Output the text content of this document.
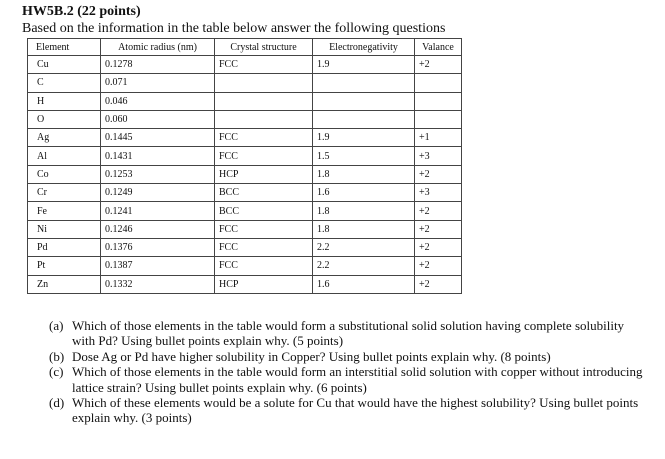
HW5B.2 (22 points)
Based on the information in the table below answer the following questions
Element	Atomic radius (nm)	Crystal structure	Electronegativity	Valance
Cu	0.1278	FCC	1.9	+2
C	0.071			
H	0.046			
O	0.060			
Ag	0.1445	FCC	1.9	+1
Al	0.1431	FCC	1.5	+3
Co	0.1253	HCP	1.8	+2
Cr	0.1249	BCC	1.6	+3
Fe	0.1241	BCC	1.8	+2
Ni	0.1246	FCC	1.8	+2
Pd	0.1376	FCC	2.2	+2
Pt	0.1387	FCC	2.2	+2
Zn	0.1332	HCP	1.6	+2
(a) Which of those elements in the table would form a substitutional solid solution having complete solubility with Pd? Using bullet points explain why. (5 points)
(b) Dose Ag or Pd have higher solubility in Copper? Using bullet points explain why. (8 points)
(c) Which of those elements in the table would form an interstitial solid solution with copper without introducing lattice strain? Using bullet points explain why. (6 points)
(d) Which of these elements would be a solute for Cu that would have the highest solubility? Using bullet points explain why. (3 points)
